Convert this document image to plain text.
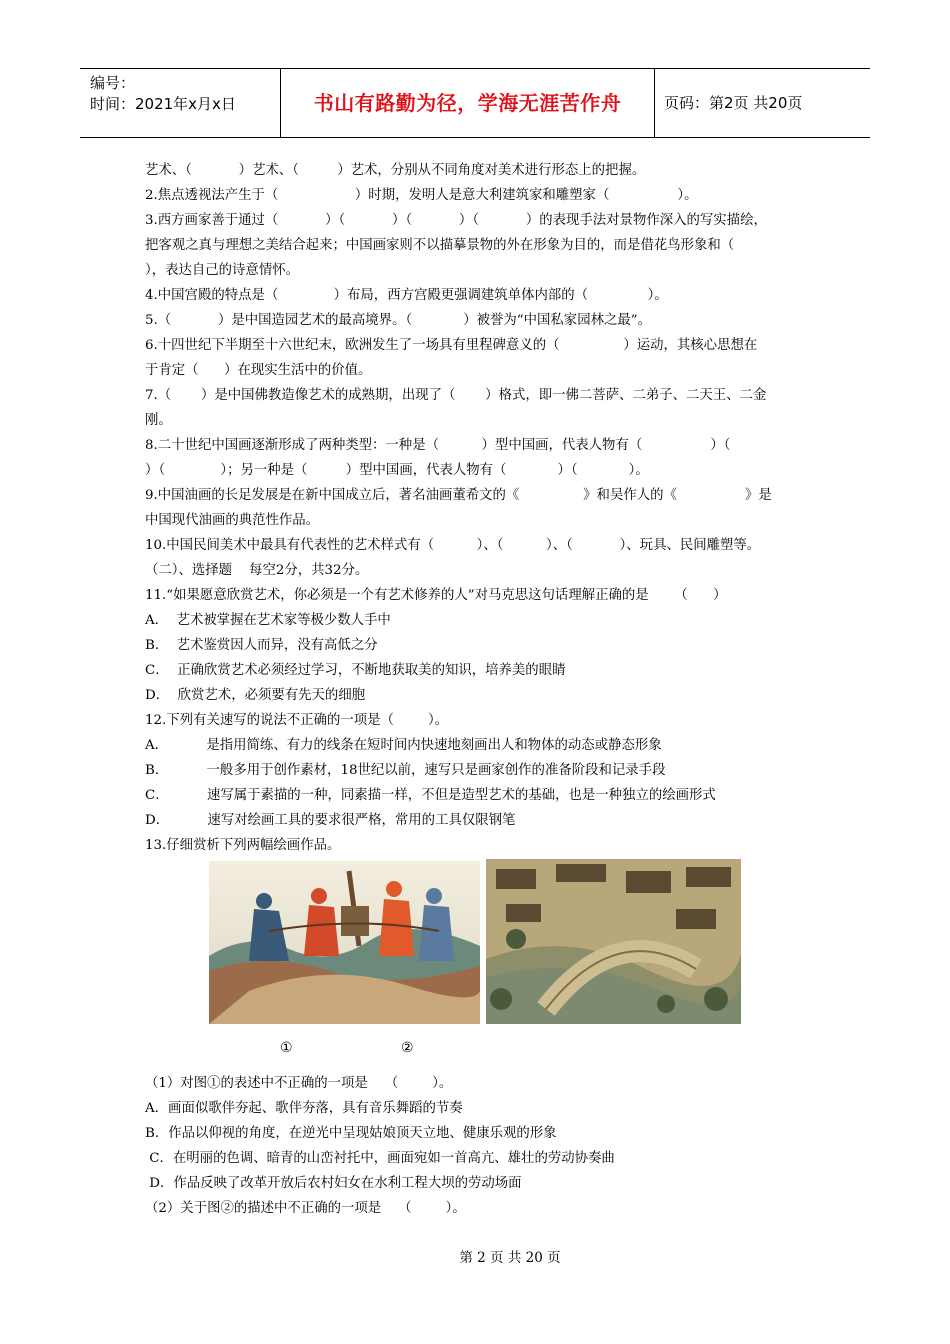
编号：
时间：2021年x月x日	书山有路勤为径，学海无涯苦作舟	页码：第2页 共20页

艺术、（           ）艺术、（         ）艺术，分别从不同角度对美术进行形态上的把握。

2.焦点透视法产生于（                  ）时期，发明人是意大利建筑家和雕塑家（                ）。

3.西方画家善于通过（           ）（           ）（           ）（           ）的表现手法对景物作深入的写实描绘，

把客观之真与理想之美结合起来；中国画家则不以描摹景物的外在形象为目的，而是借花鸟形象和（

），表达自己的诗意情怀。

4.中国宫殿的特点是（             ）布局，西方宫殿更强调建筑单体内部的（              ）。

5.（           ）是中国造园艺术的最高境界。（            ）被誉为“中国私家园林之最”。

6.十四世纪下半期至十六世纪末，欧洲发生了一场具有里程碑意义的（               ）运动，其核心思想在

于肯定（      ）在现实生活中的价值。

7.（       ）是中国佛教造像艺术的成熟期，出现了（       ）格式，即一佛二菩萨、二弟子、二天王、二金

刚。

8.二十世纪中国画逐渐形成了两种类型：一种是（          ）型中国画，代表人物有（                ）（

）（             ）；另一种是（         ）型中国画，代表人物有（            ）（            ）。

9.中国油画的长足发展是在新中国成立后，著名油画董希文的《               》和吴作人的《                》是

中国现代油画的典范性作品。

10.中国民间美术中最具有代表性的艺术样式有（          ）、（          ）、（           ）、玩具、民间雕塑等。

（二）、选择题    每空2分，共32分。

11.“如果愿意欣赏艺术，你必须是一个有艺术修养的人”对马克思这句话理解正确的是      （      ）

A．  艺术被掌握在艺术家等极少数人手中

B．  艺术鉴赏因人而异，没有高低之分

C．  正确欣赏艺术必须经过学习，不断地获取美的知识，培养美的眼睛

D．  欣赏艺术，必须要有先天的细胞

12.下列有关速写的说法不正确的一项是（        ）。

A．         是指用简练、有力的线条在短时间内快速地刻画出人和物体的动态或静态形象

B．         一般多用于创作素材，18世纪以前，速写只是画家创作的准备阶段和记录手段

C．         速写属于素描的一种，同素描一样，不但是造型艺术的基础，也是一种独立的绘画形式

D．         速写对绘画工具的要求很严格，常用的工具仅限钢笔

13.仔细赏析下列两幅绘画作品。

①	②

（1）对图①的表述中不正确的一项是    （        ）。

A．画面似歌伴夯起、歌伴夯落，具有音乐舞蹈的节奏

B．作品以仰视的角度，在逆光中呈现姑娘顶天立地、健康乐观的形象

C．在明丽的色调、暗青的山峦衬托中，画面宛如一首高亢、雄壮的劳动协奏曲

D．作品反映了改革开放后农村妇女在水利工程大坝的劳动场面

（2）关于图②的描述中不正确的一项是    （        ）。

第 2 页 共 20 页
